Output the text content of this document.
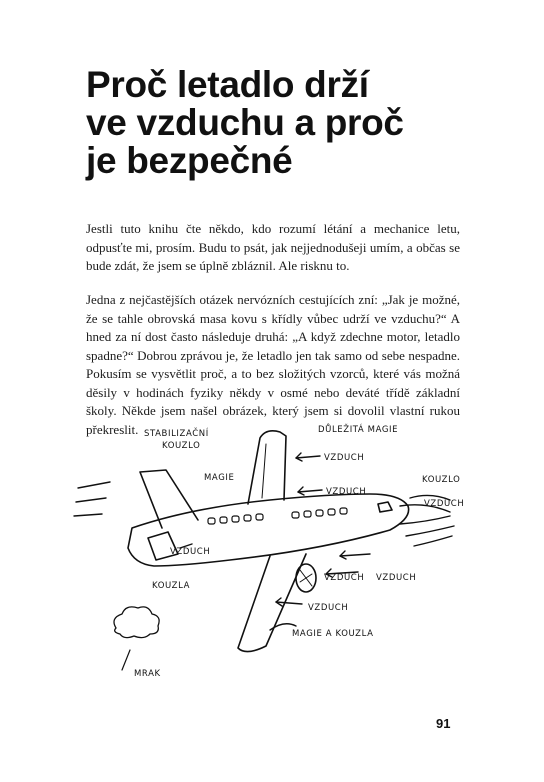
Proč letadlo drží
ve vzduchu a proč
je bezpečné

Jestli tuto knihu čte někdo, kdo rozumí létání a mechanice letu, odpusťte mi, prosím. Budu to psát, jak nejjednodušeji umím, a občas se bude zdát, že jsem se úplně zbláznil. Ale risknu to.

Jedna z nejčastějších otázek nervózních cestujících zní: „Jak je možné, že se tahle obrovská masa kovu s křídly vůbec udrží ve vzduchu?“ A hned za ní dost často následuje druhá: „A když zdechne motor, letadlo spadne?“ Dobrou zprávou je, že letadlo jen tak samo od sebe nespadne. Pokusím se vysvětlit proč, a to bez složitých vzorců, které vás možná děsily v hodinách fyziky někdy v osmé nebo deváté třídě základní školy. Někde jsem našel obrázek, který jsem si dovolil vlastní rukou překreslit. STABILIZAČNÍ
KOUZLO
MAGIE
DŮLEŽITÁ MAGIE
VZDUCH
VZDUCH
KOUZLO
VZDUCH
VZDUCH
KOUZLA
VZDUCH VZDUCH
VZDUCH
MAGIE A KOUZLA
MRAK
91
